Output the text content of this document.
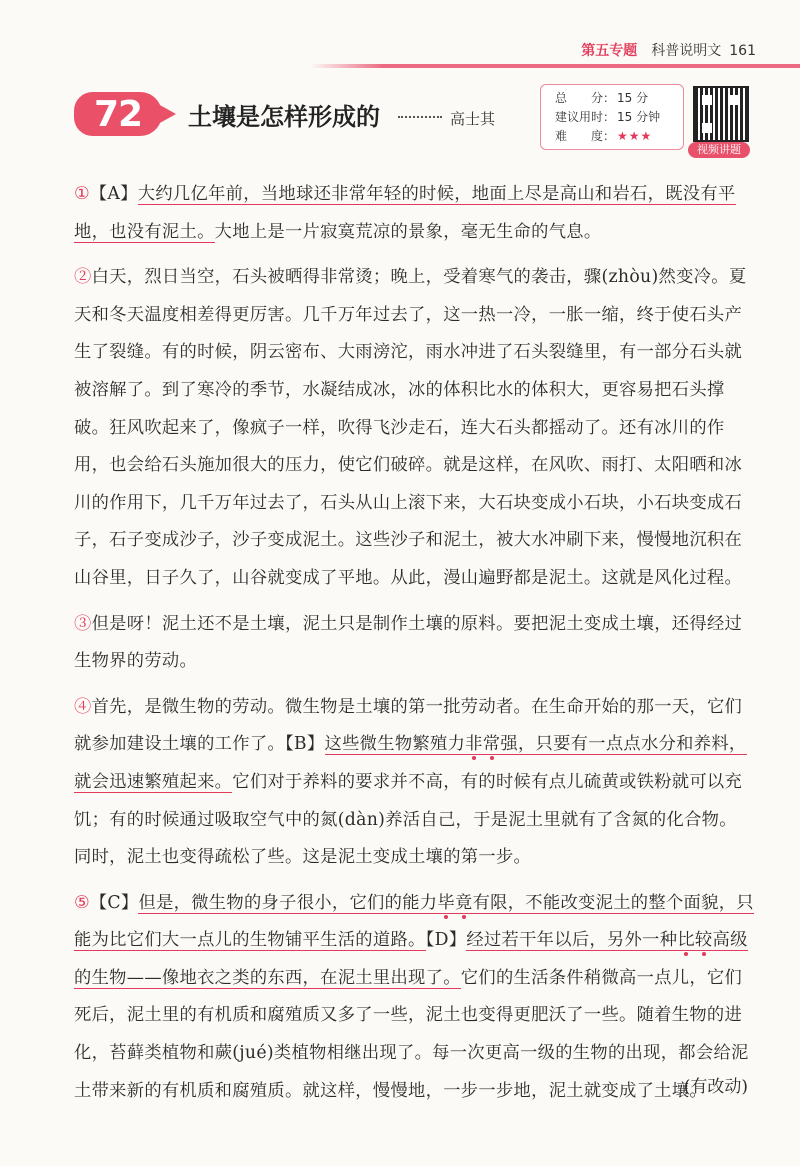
第五专题 科普说明文 161
72 土壤是怎样形成的	高士其
总　　分： 15 分
建议用时： 15 分钟
难　　度： ★★★
视频讲题

①【A】大约几亿年前，当地球还非常年轻的时候，地面上尽是高山和岩石，既没有平地，也没有泥土。大地上是一片寂寞荒凉的景象，毫无生命的气息。

②白天，烈日当空，石头被晒得非常烫；晚上，受着寒气的袭击，骤(zhòu)然变冷。夏天和冬天温度相差得更厉害。几千万年过去了，这一热一冷，一胀一缩，终于使石头产生了裂缝。有的时候，阴云密布、大雨滂沱，雨水冲进了石头裂缝里，有一部分石头就被溶解了。到了寒冷的季节，水凝结成冰，冰的体积比水的体积大，更容易把石头撑破。狂风吹起来了，像疯子一样，吹得飞沙走石，连大石头都摇动了。还有冰川的作用，也会给石头施加很大的压力，使它们破碎。就是这样，在风吹、雨打、太阳晒和冰川的作用下，几千万年过去了，石头从山上滚下来，大石块变成小石块，小石块变成石子，石子变成沙子，沙子变成泥土。这些沙子和泥土，被大水冲刷下来，慢慢地沉积在山谷里，日子久了，山谷就变成了平地。从此，漫山遍野都是泥土。这就是风化过程。

③但是呀！泥土还不是土壤，泥土只是制作土壤的原料。要把泥土变成土壤，还得经过生物界的劳动。

④首先，是微生物的劳动。微生物是土壤的第一批劳动者。在生命开始的那一天，它们就参加建设土壤的工作了。【B】这些微生物繁殖力非常强，只要有一点点水分和养料，就会迅速繁殖起来。它们对于养料的要求并不高，有的时候有点儿硫黄或铁粉就可以充饥；有的时候通过吸取空气中的氮(dàn)养活自己，于是泥土里就有了含氮的化合物。同时，泥土也变得疏松了些。这是泥土变成土壤的第一步。

⑤【C】但是，微生物的身子很小，它们的能力毕竟有限，不能改变泥土的整个面貌，只能为比它们大一点儿的生物铺平生活的道路。【D】经过若干年以后，另外一种比较高级的生物——像地衣之类的东西，在泥土里出现了。它们的生活条件稍微高一点儿，它们死后，泥土里的有机质和腐殖质又多了一些，泥土也变得更肥沃了一些。随着生物的进化，苔藓类植物和蕨(jué)类植物相继出现了。每一次更高一级的生物的出现，都会给泥土带来新的有机质和腐殖质。就这样，慢慢地，一步一步地，泥土就变成了土壤。

(有改动)
